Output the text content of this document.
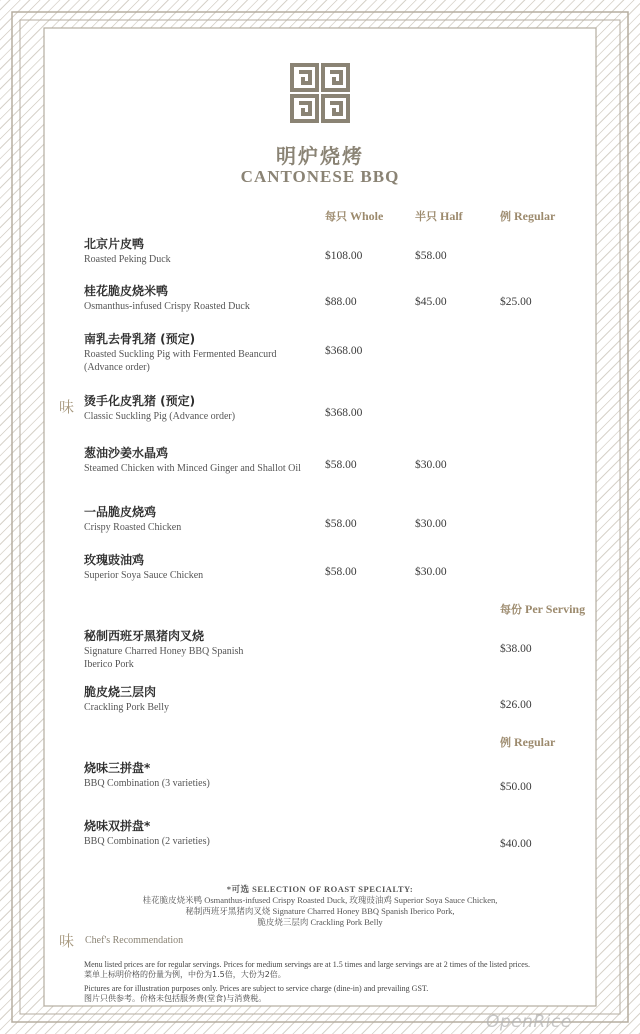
明炉烧烤
CANTONESE BBQ
每只 Whole	半只 Half	例 Regular
北京片皮鸭
Roasted Peking Duck	$108.00	$58.00
桂花脆皮烧米鸭
Osmanthus-infused Crispy Roasted Duck	$88.00	$45.00	$25.00
南乳去骨乳猪 (预定)
Roasted Suckling Pig with Fermented Beancurd (Advance order)
$368.00
味 烫手化皮乳猪 (预定)
Classic Suckling Pig (Advance order)	$368.00
葱油沙姜水晶鸡
Steamed Chicken with Minced Ginger and Shallot Oil	$58.00	$30.00
一品脆皮烧鸡
Crispy Roasted Chicken	$58.00	$30.00
玫瑰豉油鸡
Superior Soya Sauce Chicken	$58.00	$30.00
每份 Per Serving
秘制西班牙黑猪肉叉烧
Signature Charred Honey BBQ Spanish Iberico Pork
$38.00
脆皮烧三层肉
Crackling Pork Belly	$26.00
例 Regular
烧味三拼盘*
BBQ Combination (3 varieties)	$50.00
烧味双拼盘*
BBQ Combination (2 varieties)	$40.00
*可选 SELECTION OF ROAST SPECIALTY:
桂花脆皮烧米鸭 Osmanthus-infused Crispy Roasted Duck, 玫瑰豉油鸡 Superior Soya Sauce Chicken,
秘制西班牙黑猪肉叉烧 Signature Charred Honey BBQ Spanish Iberico Pork,
脆皮烧三层肉 Crackling Pork Belly
味 Chef's Recommendation
Menu listed prices are for regular servings. Prices for medium servings are at 1.5 times and large servings are at 2 times of the listed prices.
菜单上标明价格的份量为例，中份为1.5倍，大份为2倍。
Pictures are for illustration purposes only. Prices are subject to service charge (dine-in) and prevailing GST.
图片只供参考。价格未包括服务费(堂食)与消费税。
OpenRice
